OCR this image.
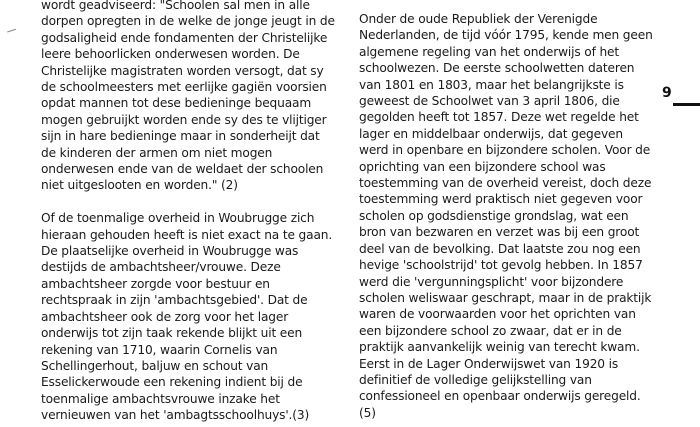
wordt geadviseerd: "Schoolen sal men in alle dorpen opregten in de welke de jonge jeugt in de godsaligheid ende fondamenten der Christelijke leere behoorlicken onderwesen worden. De Christelijke magistraten worden versogt, dat sy de schoolmeesters met eerlijke gagiën voorsien opdat mannen tot dese bedieninge bequaam mogen gebruijkt worden ende sy des te vlijtiger sijn in hare bedieninge maar in sonderheijt dat de kinderen der armen om niet mogen onderwesen ende van de weldaet der schoolen niet uitgeslooten en worden." (2)

Of de toenmalige overheid in Woubrugge zich hieraan gehouden heeft is niet exact na te gaan. De plaatselijke overheid in Woubrugge was destijds de ambachtsheer/vrouwe. Deze ambachtsheer zorgde voor bestuur en rechtspraak in zijn 'ambachtsgebied'. Dat de ambachtsheer ook de zorg voor het lager onderwijs tot zijn taak rekende blijkt uit een rekening van 1710, waarin Cornelis van Schellingerhout, baljuw en schout van Esselickerwoude een rekening indient bij de toenmalige ambachtsvrouwe inzake het vernieuwen van het 'ambagtsschoolhuys'.(3)

Onder de oude Republiek der Verenigde Nederlanden, de tijd vóór 1795, kende men geen algemene regeling van het onderwijs of het schoolwezen. De eerste schoolwetten dateren van 1801 en 1803, maar het belangrijkste is geweest de Schoolwet van 3 april 1806, die gegolden heeft tot 1857. Deze wet regelde het lager en middelbaar onderwijs, dat gegeven werd in openbare en bijzondere scholen. Voor de oprichting van een bijzondere school was toestemming van de overheid vereist, doch deze toestemming werd praktisch niet gegeven voor scholen op godsdienstige grondslag, wat een bron van bezwaren en verzet was bij een groot deel van de bevolking. Dat laatste zou nog een hevige 'schoolstrijd' tot gevolg hebben. In 1857 werd die 'vergunningsplicht' voor bijzondere scholen weliswaar geschrapt, maar in de praktijk waren de voorwaarden voor het oprichten van een bijzondere school zo zwaar, dat er in de praktijk aanvankelijk weinig van terecht kwam. Eerst in de Lager Onderwijswet van 1920 is definitief de volledige gelijkstelling van confessioneel en openbaar onderwijs geregeld. (5)

9
